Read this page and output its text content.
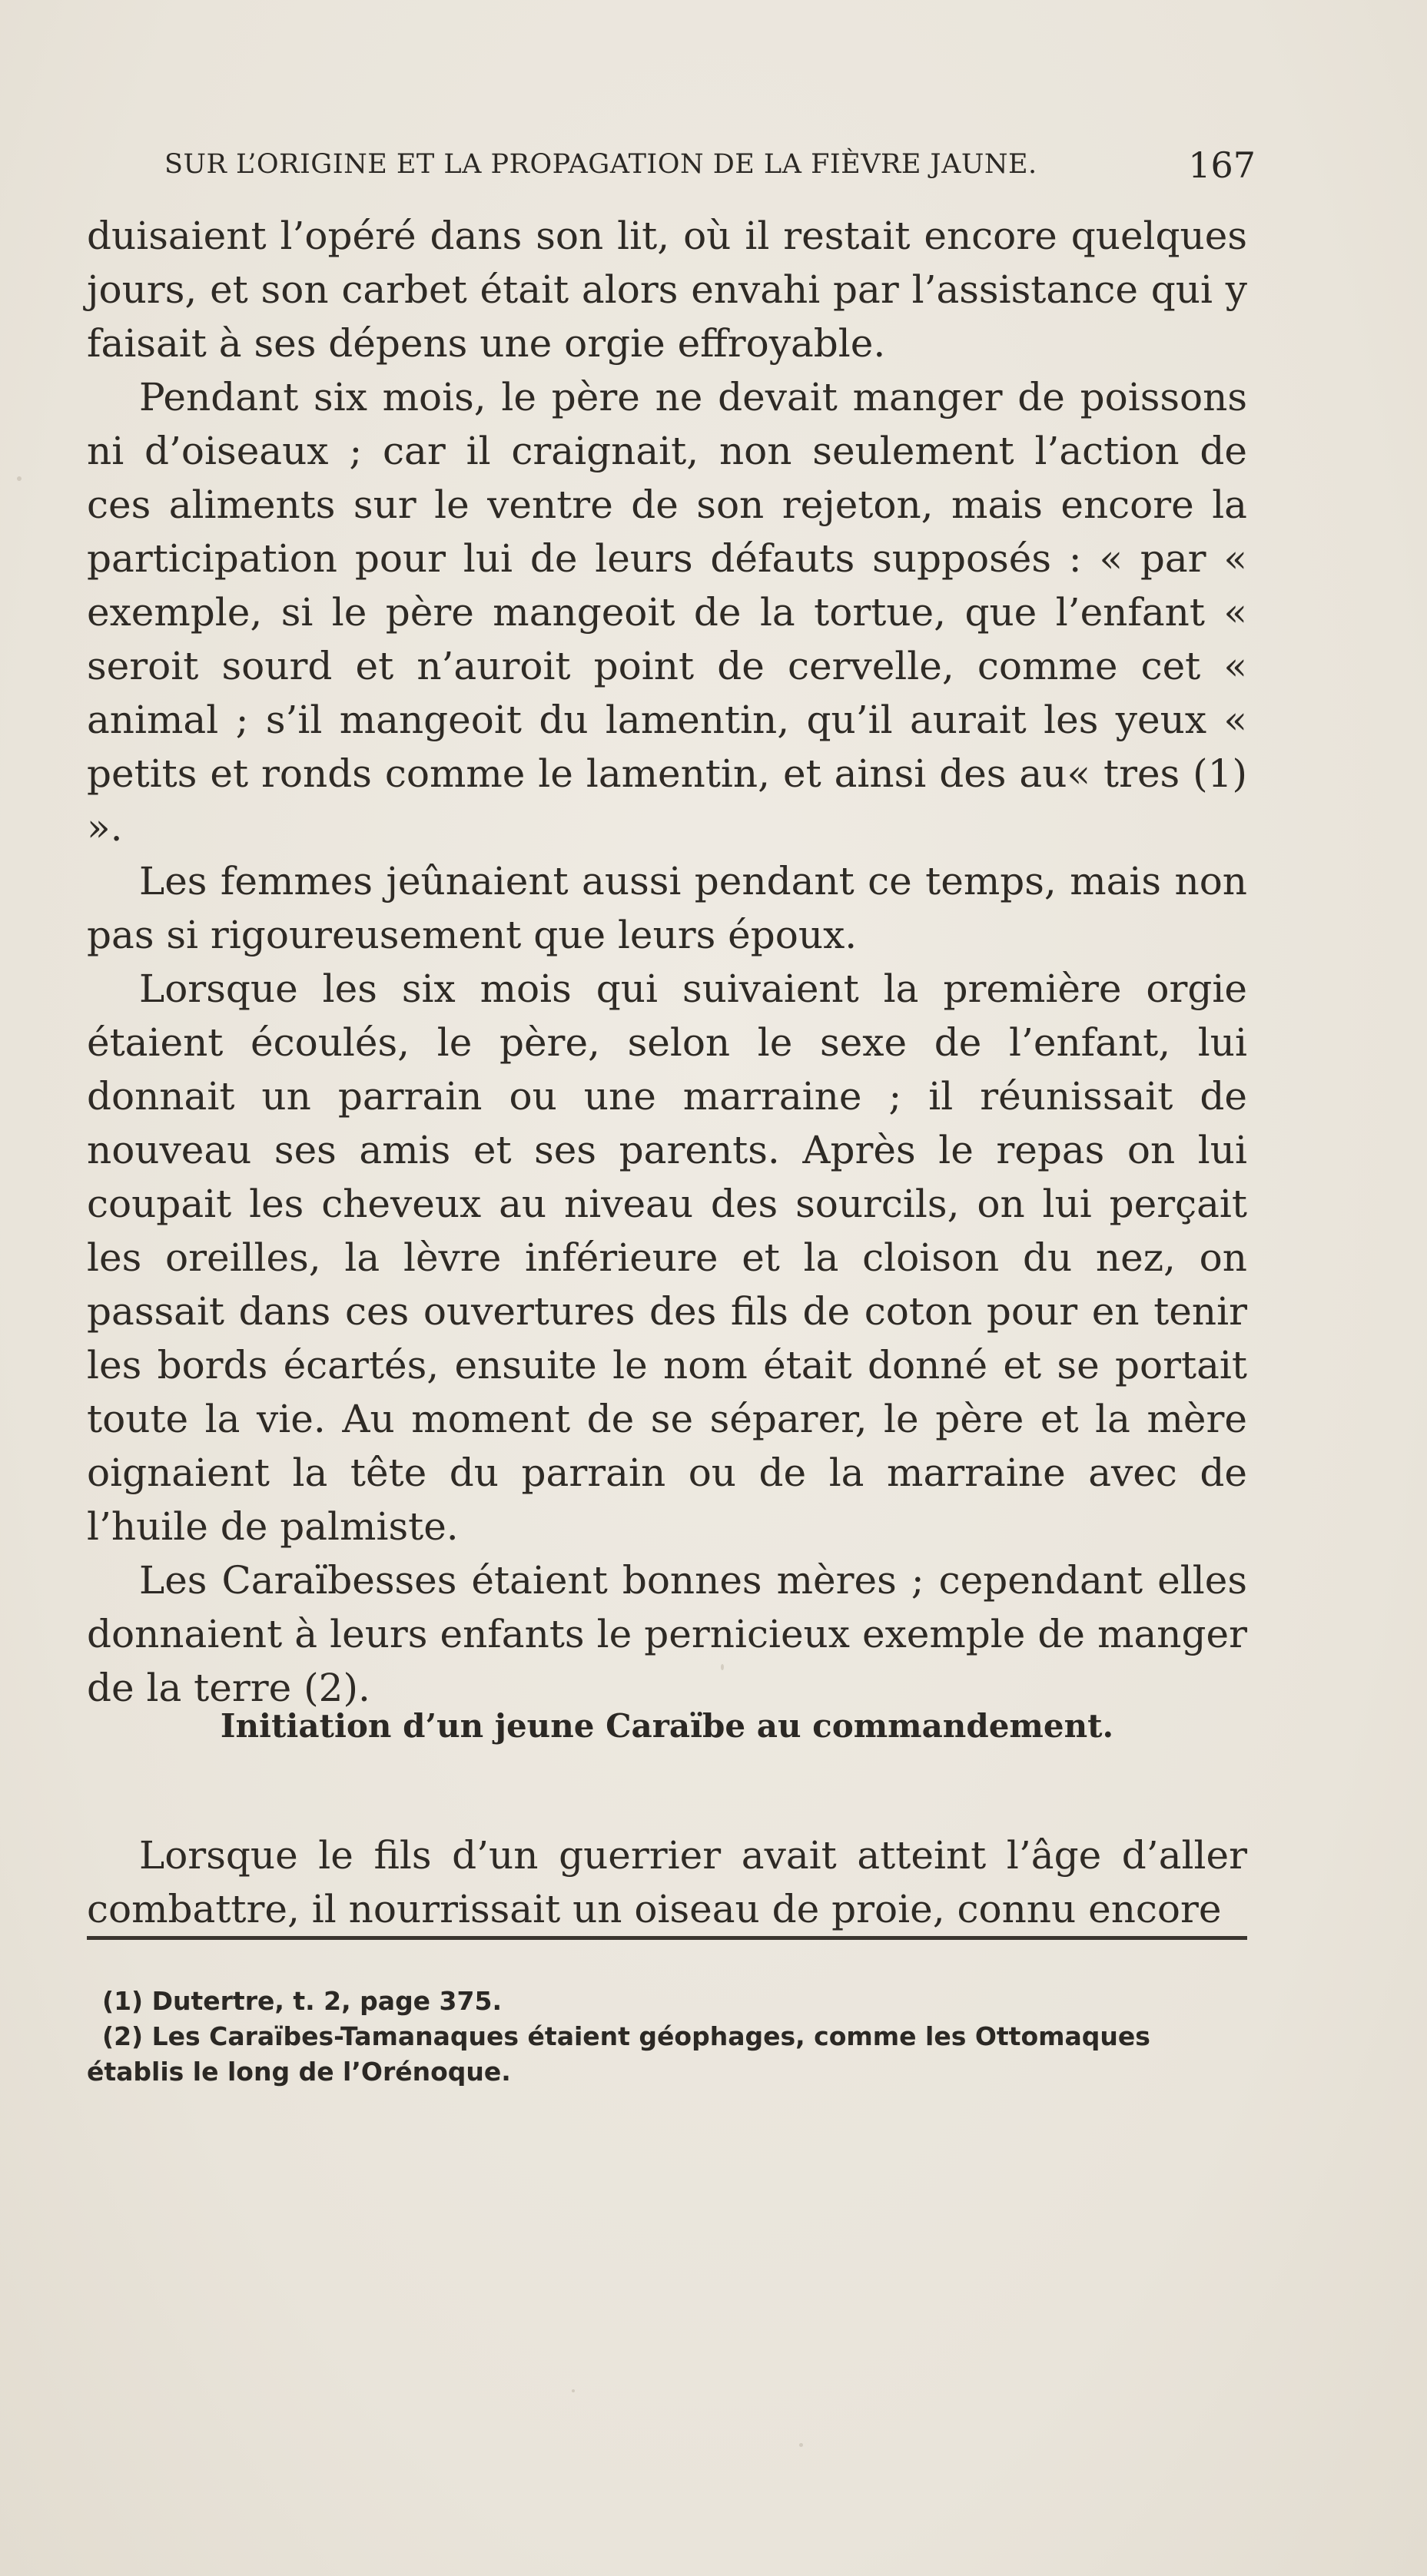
SUR L’ORIGINE ET LA PROPAGATION DE LA FIÈVRE JAUNE.	167

duisaient l’opéré dans son lit, où il restait encore quelques jours, et son carbet était alors envahi par l’assistance qui y faisait à ses dépens une orgie effroyable.

Pendant six mois, le père ne devait manger de poissons ni d’oiseaux ; car il craignait, non seulement l’action de ces aliments sur le ventre de son rejeton, mais encore la participation pour lui de leurs défauts supposés : « par « exemple, si le père mangeoit de la tortue, que l’enfant « seroit sourd et n’auroit point de cervelle, comme cet « animal ; s’il mangeoit du lamentin, qu’il aurait les yeux « petits et ronds comme le lamentin, et ainsi des au« tres (1) ».

Les femmes jeûnaient aussi pendant ce temps, mais non pas si rigoureusement que leurs époux.

Lorsque les six mois qui suivaient la première orgie étaient écoulés, le père, selon le sexe de l’enfant, lui donnait un parrain ou une marraine ; il réunissait de nouveau ses amis et ses parents. Après le repas on lui coupait les cheveux au niveau des sourcils, on lui perçait les oreilles, la lèvre inférieure et la cloison du nez, on passait dans ces ouvertures des fils de coton pour en tenir les bords écartés, ensuite le nom était donné et se portait toute la vie. Au moment de se séparer, le père et la mère oignaient la tête du parrain ou de la marraine avec de l’huile de palmiste.

Les Caraïbesses étaient bonnes mères ; cependant elles donnaient à leurs enfants le pernicieux exemple de manger de la terre (2).

Initiation d’un jeune Caraïbe au commandement.

Lorsque le fils d’un guerrier avait atteint l’âge d’aller combattre, il nourrissait un oiseau de proie, connu encore

(1) Dutertre, t. 2, page 375.

(2) Les Caraïbes-Tamanaques étaient géophages, comme les Ottomaques établis le long de l’Orénoque.
